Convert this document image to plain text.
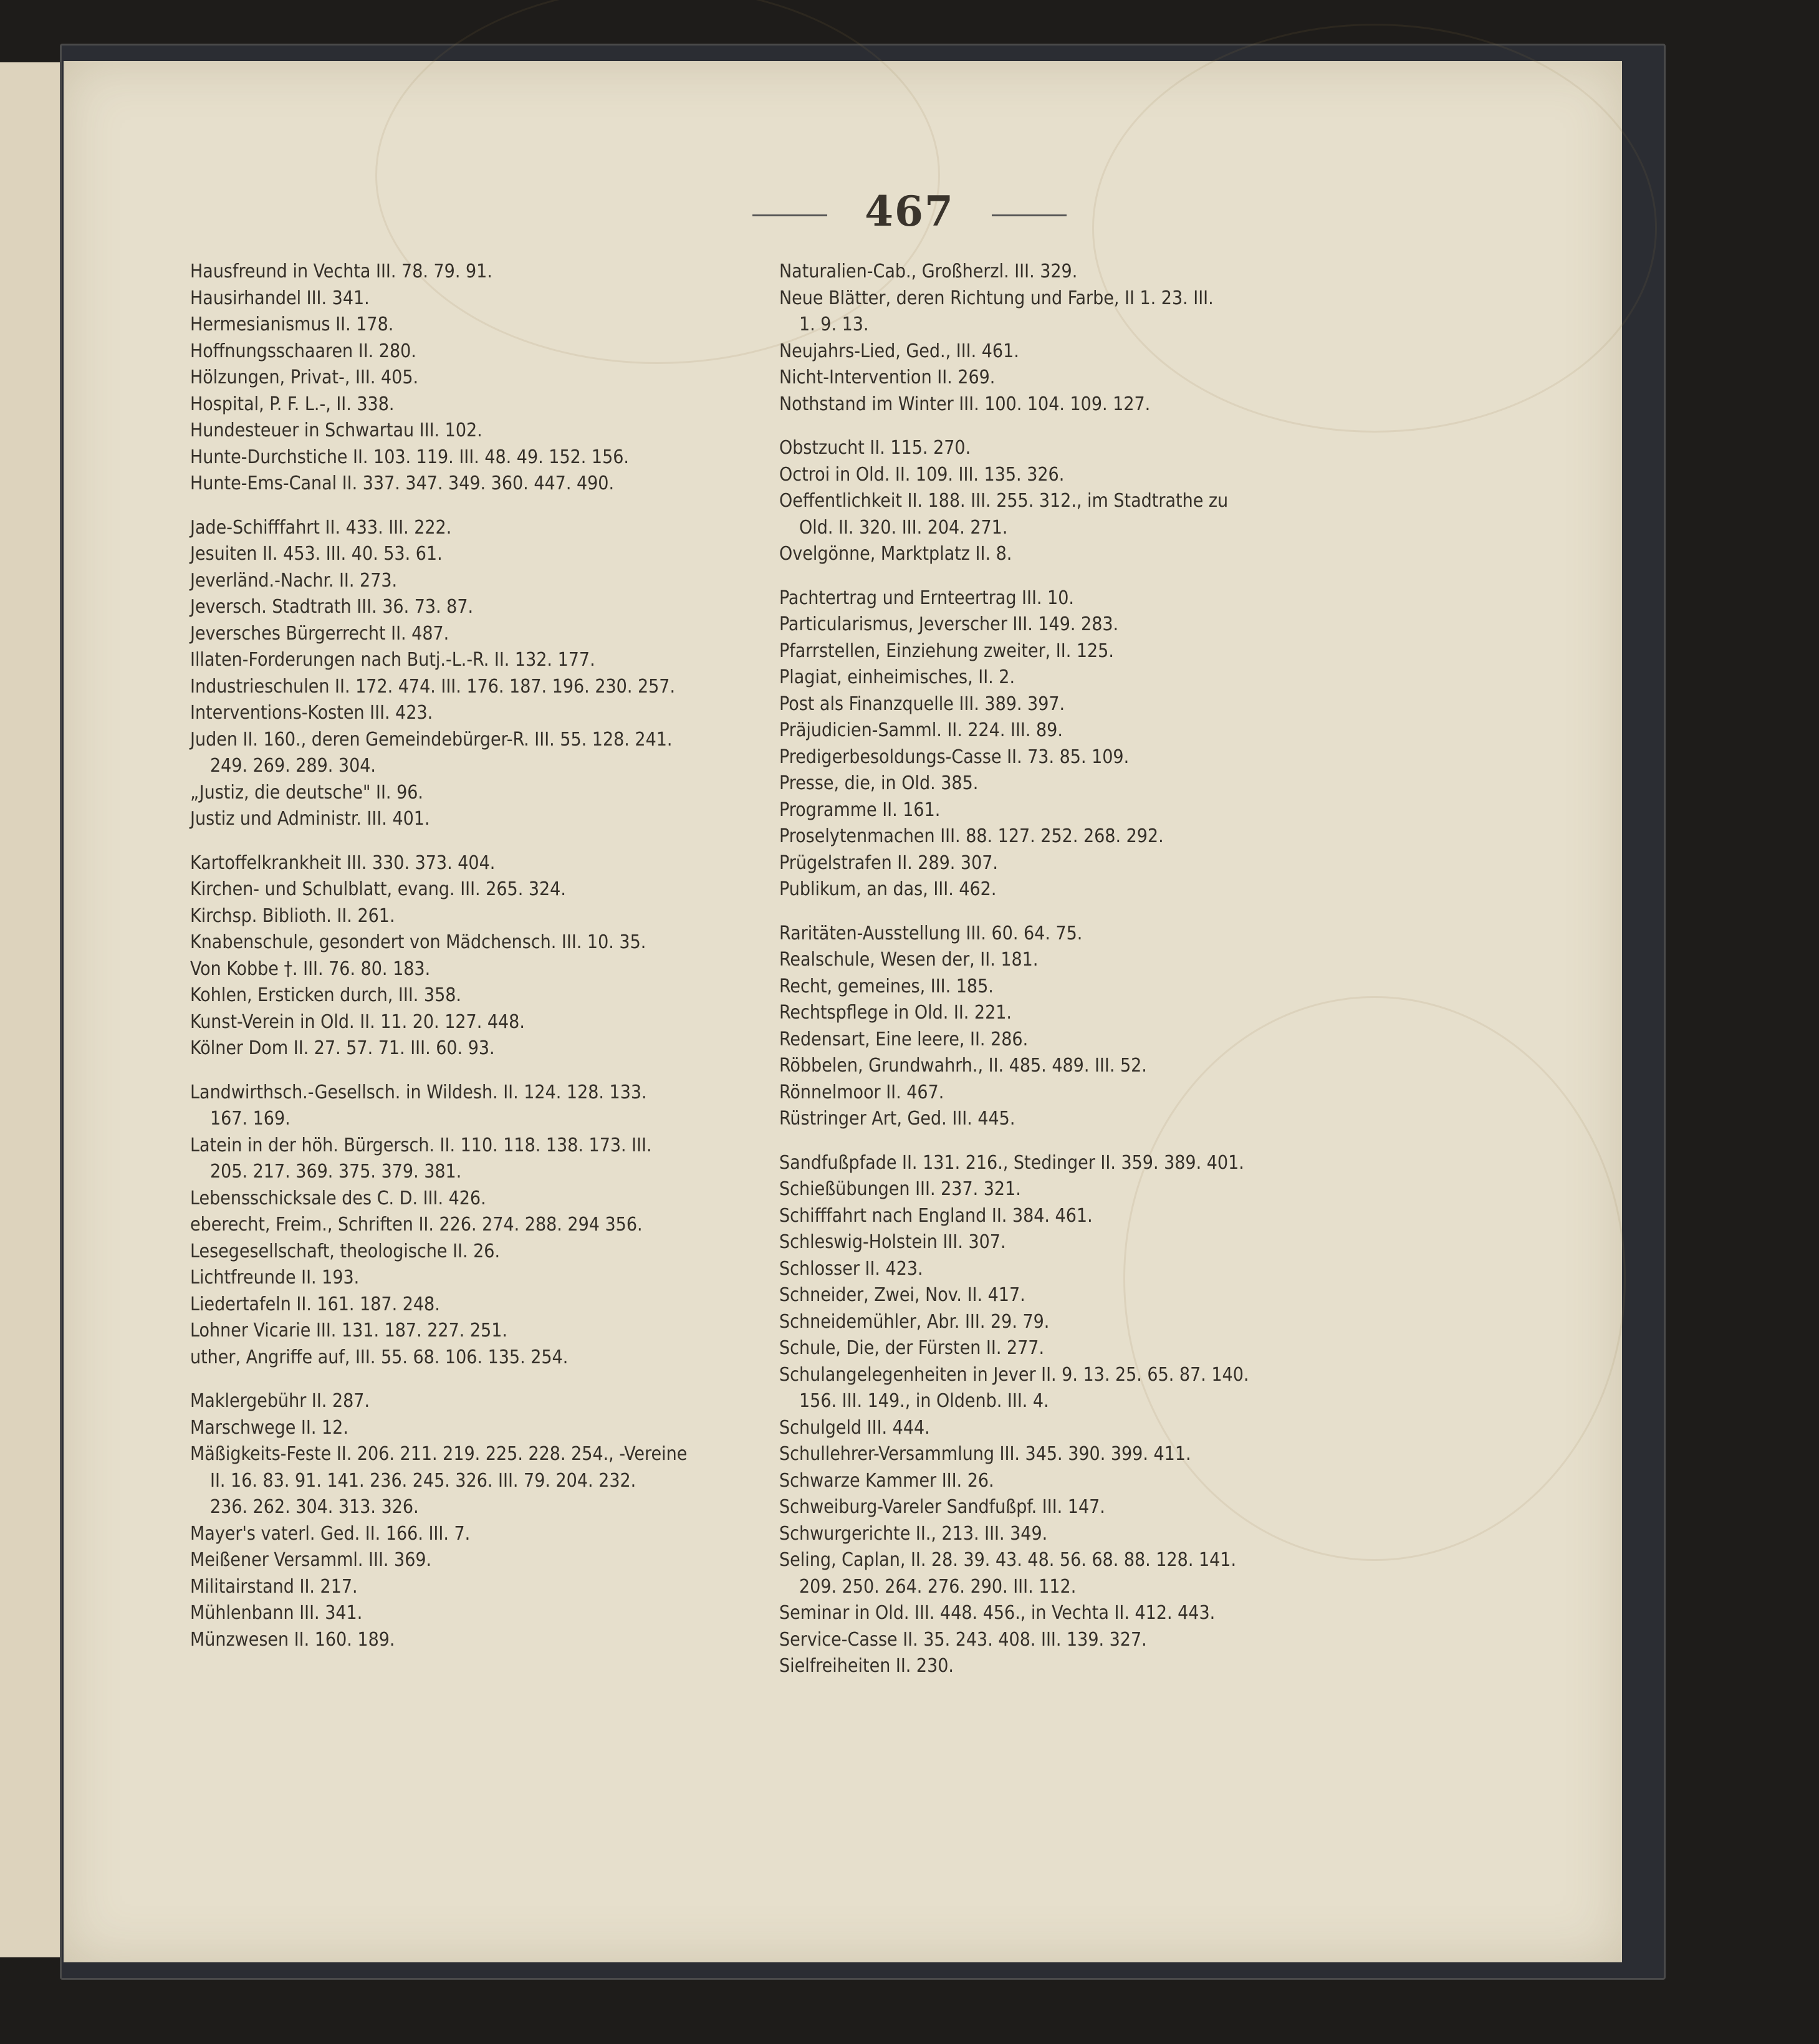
467
Hausfreund in Vechta III. 78. 79. 91.
Hausirhandel III. 341.
Hermesianismus II. 178.
Hoffnungsschaaren II. 280.
Hölzungen, Privat-, III. 405.
Hospital, P. F. L.-, II. 338.
Hundesteuer in Schwartau III. 102.
Hunte-Durchstiche II. 103. 119. III. 48. 49. 152. 156.
Hunte-Ems-Canal II. 337. 347. 349. 360. 447. 490.
Jade-Schifffahrt II. 433. III. 222.
Jesuiten II. 453. III. 40. 53. 61.
Jeverländ.-Nachr. II. 273.
Jeversch. Stadtrath III. 36. 73. 87.
Jeversches Bürgerrecht II. 487.
Illaten-Forderungen nach Butj.-L.-R. II. 132. 177.
Industrieschulen II. 172. 474. III. 176. 187. 196. 230. 257.
Interventions-Kosten III. 423.
Juden II. 160., deren Gemeindebürger-R. III. 55. 128. 241.
249. 269. 289. 304.
„Justiz, die deutsche" II. 96.
Justiz und Administr. III. 401.
Kartoffelkrankheit III. 330. 373. 404.
Kirchen- und Schulblatt, evang. III. 265. 324.
Kirchsp. Biblioth. II. 261.
Knabenschule, gesondert von Mädchensch. III. 10. 35.
Von Kobbe †. III. 76. 80. 183.
Kohlen, Ersticken durch, III. 358.
Kunst-Verein in Old. II. 11. 20. 127. 448.
Kölner Dom II. 27. 57. 71. III. 60. 93.
Landwirthsch.-Gesellsch. in Wildesh. II. 124. 128. 133.
167. 169.
Latein in der höh. Bürgersch. II. 110. 118. 138. 173. III.
205. 217. 369. 375. 379. 381.
Lebensschicksale des C. D. III. 426.
eberecht, Freim., Schriften II. 226. 274. 288. 294 356.
Lesegesellschaft, theologische II. 26.
Lichtfreunde II. 193.
Liedertafeln II. 161. 187. 248.
Lohner Vicarie III. 131. 187. 227. 251.
uther, Angriffe auf, III. 55. 68. 106. 135. 254.
Maklergebühr II. 287.
Marschwege II. 12.
Mäßigkeits-Feste II. 206. 211. 219. 225. 228. 254., -Vereine
II. 16. 83. 91. 141. 236. 245. 326. III. 79. 204. 232.
236. 262. 304. 313. 326.
Mayer's vaterl. Ged. II. 166. III. 7.
Meißener Versamml. III. 369.
Militairstand II. 217.
Mühlenbann III. 341.
Münzwesen II. 160. 189.
Naturalien-Cab., Großherzl. III. 329.
Neue Blätter, deren Richtung und Farbe, II 1. 23. III.
1. 9. 13.
Neujahrs-Lied, Ged., III. 461.
Nicht-Intervention II. 269.
Nothstand im Winter III. 100. 104. 109. 127.
Obstzucht II. 115. 270.
Octroi in Old. II. 109. III. 135. 326.
Oeffentlichkeit II. 188. III. 255. 312., im Stadtrathe zu
Old. II. 320. III. 204. 271.
Ovelgönne, Marktplatz II. 8.
Pachtertrag und Ernteertrag III. 10.
Particularismus, Jeverscher III. 149. 283.
Pfarrstellen, Einziehung zweiter, II. 125.
Plagiat, einheimisches, II. 2.
Post als Finanzquelle III. 389. 397.
Präjudicien-Samml. II. 224. III. 89.
Predigerbesoldungs-Casse II. 73. 85. 109.
Presse, die, in Old. 385.
Programme II. 161.
Proselytenmachen III. 88. 127. 252. 268. 292.
Prügelstrafen II. 289. 307.
Publikum, an das, III. 462.
Raritäten-Ausstellung III. 60. 64. 75.
Realschule, Wesen der, II. 181.
Recht, gemeines, III. 185.
Rechtspflege in Old. II. 221.
Redensart, Eine leere, II. 286.
Röbbelen, Grundwahrh., II. 485. 489. III. 52.
Rönnelmoor II. 467.
Rüstringer Art, Ged. III. 445.
Sandfußpfade II. 131. 216., Stedinger II. 359. 389. 401.
Schießübungen III. 237. 321.
Schifffahrt nach England II. 384. 461.
Schleswig-Holstein III. 307.
Schlosser II. 423.
Schneider, Zwei, Nov. II. 417.
Schneidemühler, Abr. III. 29. 79.
Schule, Die, der Fürsten II. 277.
Schulangelegenheiten in Jever II. 9. 13. 25. 65. 87. 140.
156. III. 149., in Oldenb. III. 4.
Schulgeld III. 444.
Schullehrer-Versammlung III. 345. 390. 399. 411.
Schwarze Kammer III. 26.
Schweiburg-Vareler Sandfußpf. III. 147.
Schwurgerichte II., 213. III. 349.
Seling, Caplan, II. 28. 39. 43. 48. 56. 68. 88. 128. 141.
209. 250. 264. 276. 290. III. 112.
Seminar in Old. III. 448. 456., in Vechta II. 412. 443.
Service-Casse II. 35. 243. 408. III. 139. 327.
Sielfreiheiten II. 230.
